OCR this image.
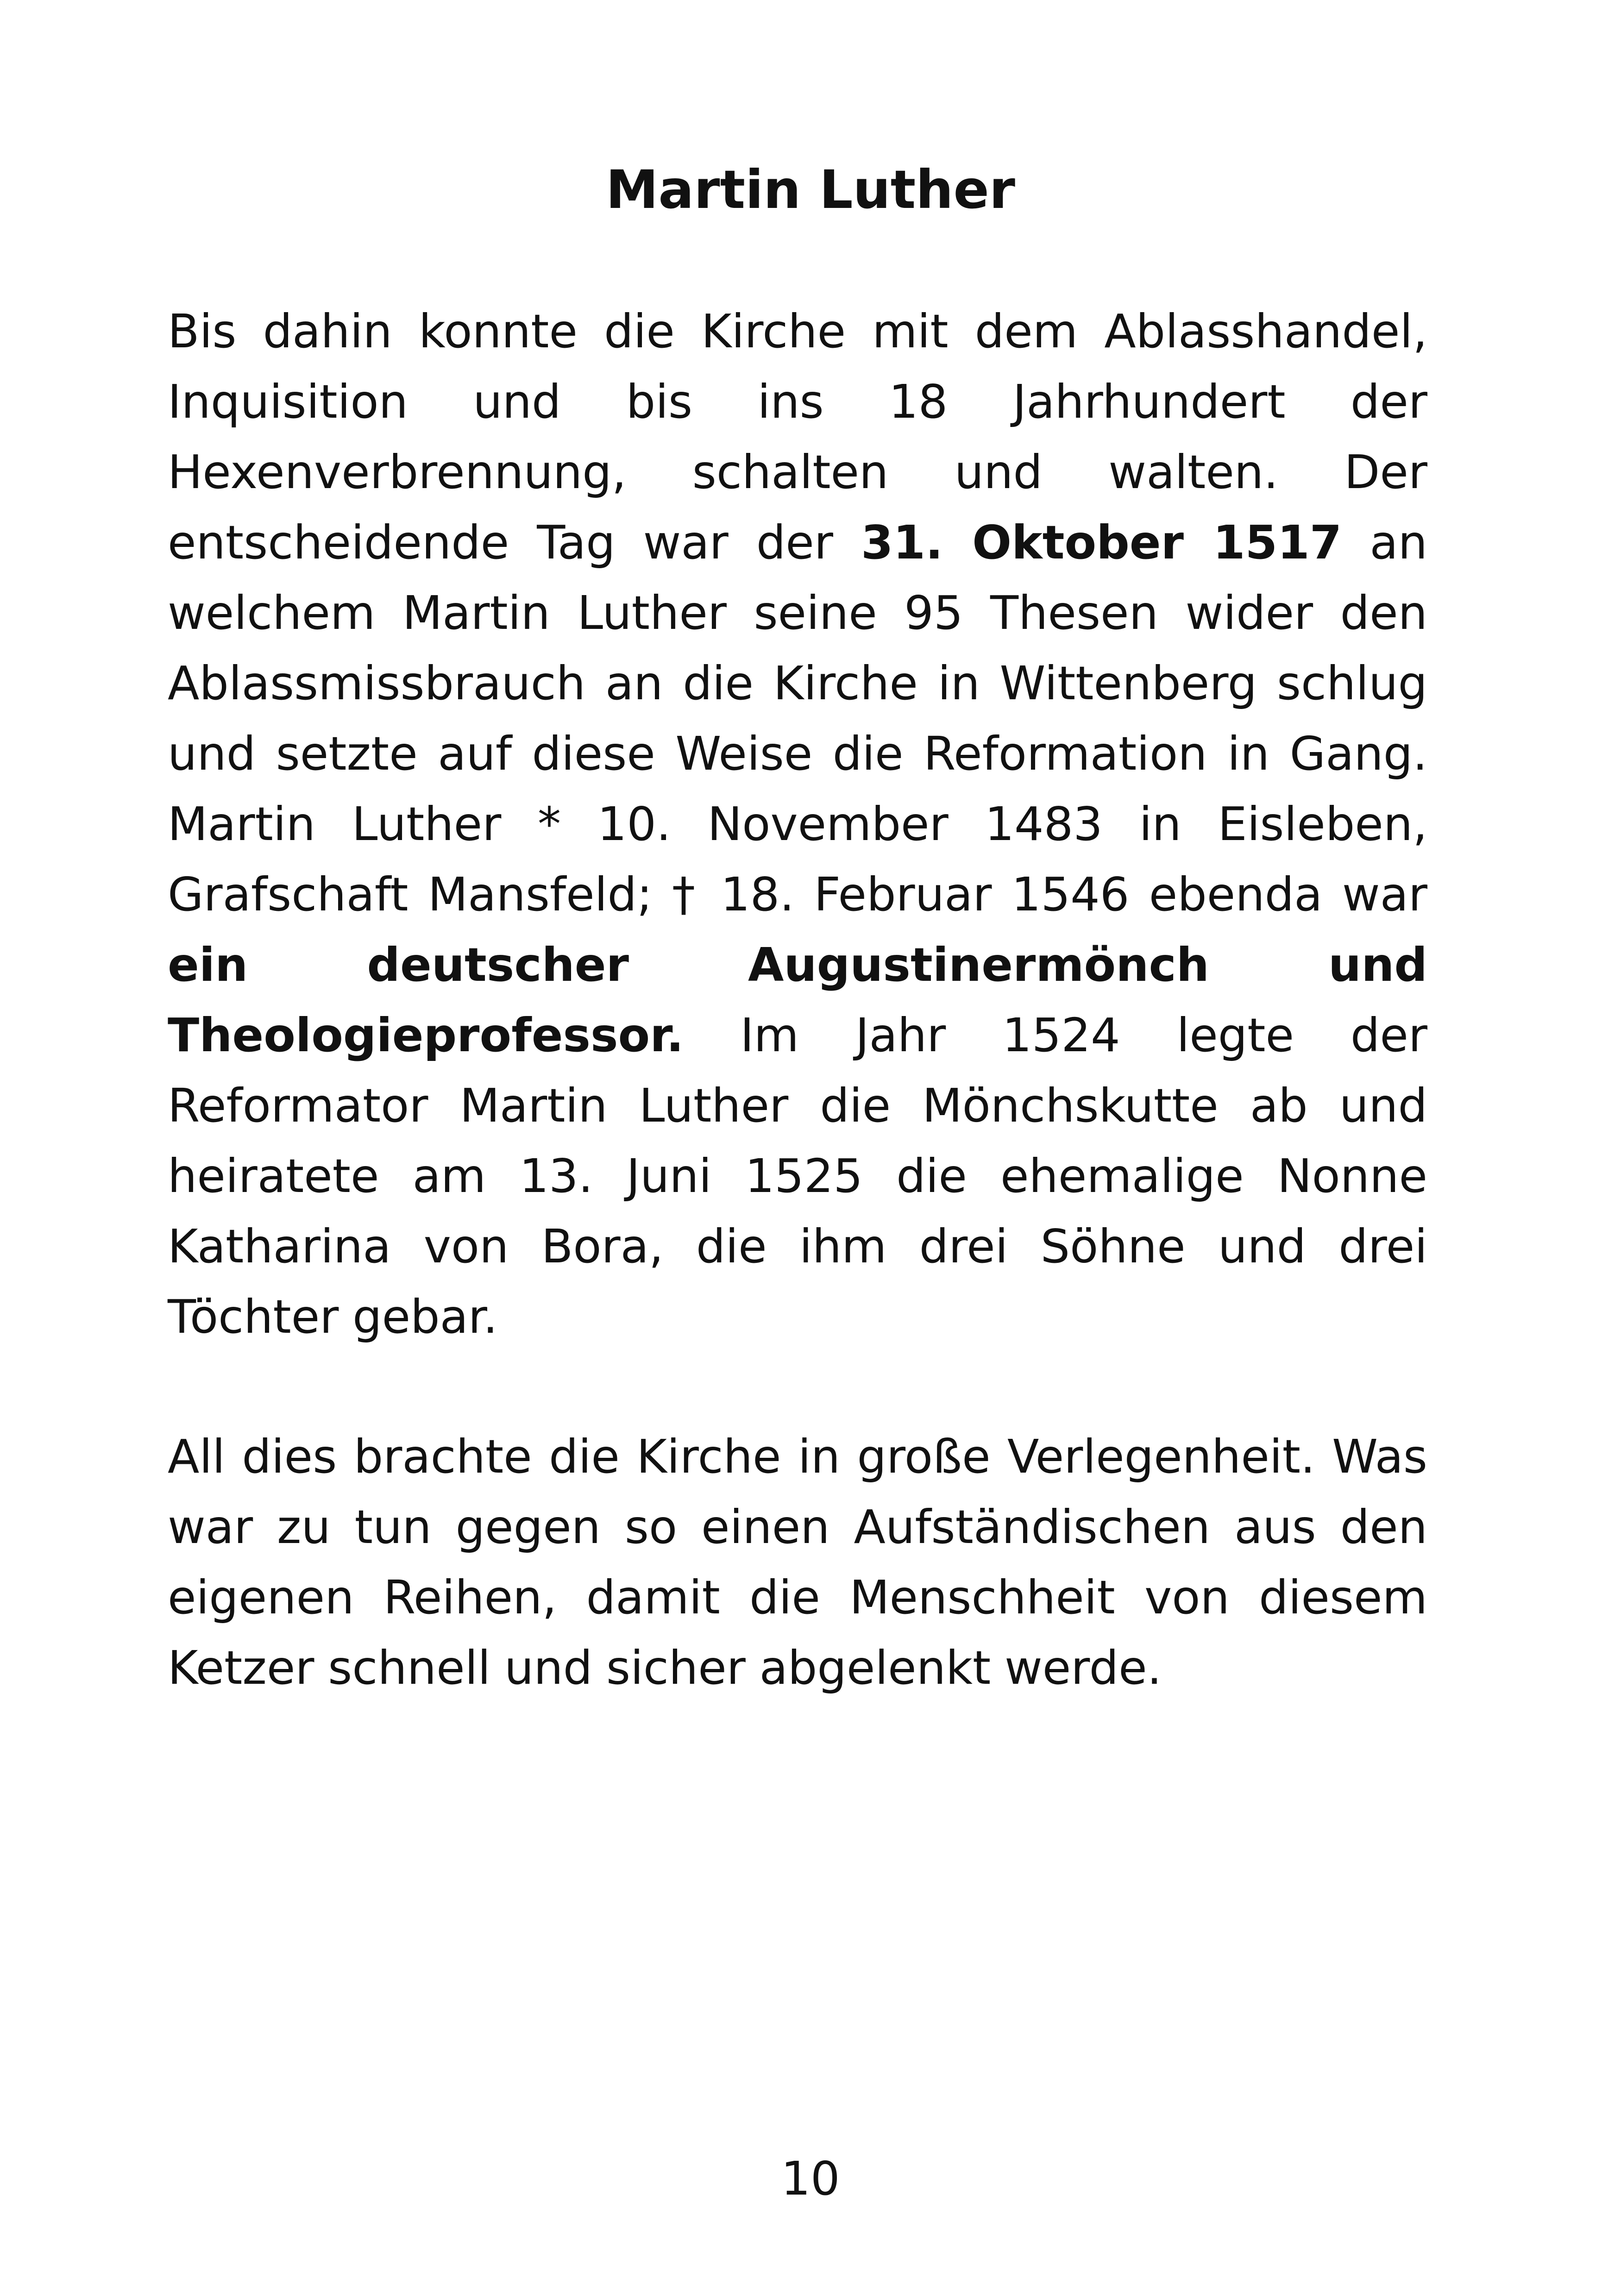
Martin Luther

Bis dahin konnte die Kirche mit dem Ablasshandel, Inquisition und bis ins 18 Jahrhundert der Hexenverbrennung, schalten und walten. Der entscheidende Tag war der 31. Oktober 1517 an welchem Martin Luther seine 95 Thesen wider den Ablassmissbrauch an die Kirche in Wittenberg schlug und setzte auf diese Weise die Reformation in Gang. Martin Luther * 10. November 1483 in Eisleben, Grafschaft Mansfeld; † 18. Februar 1546 ebenda war ein deutscher Augustinermönch und Theologieprofessor. Im Jahr 1524 legte der Reformator Martin Luther die Mönchskutte ab und heiratete am 13. Juni 1525 die ehemalige Nonne Katharina von Bora, die ihm drei Söhne und drei Töchter gebar.

All dies brachte die Kirche in große Verlegenheit. Was war zu tun gegen so einen Aufständischen aus den eigenen Reihen, damit die Menschheit von diesem Ketzer schnell und sicher abgelenkt werde.

10
